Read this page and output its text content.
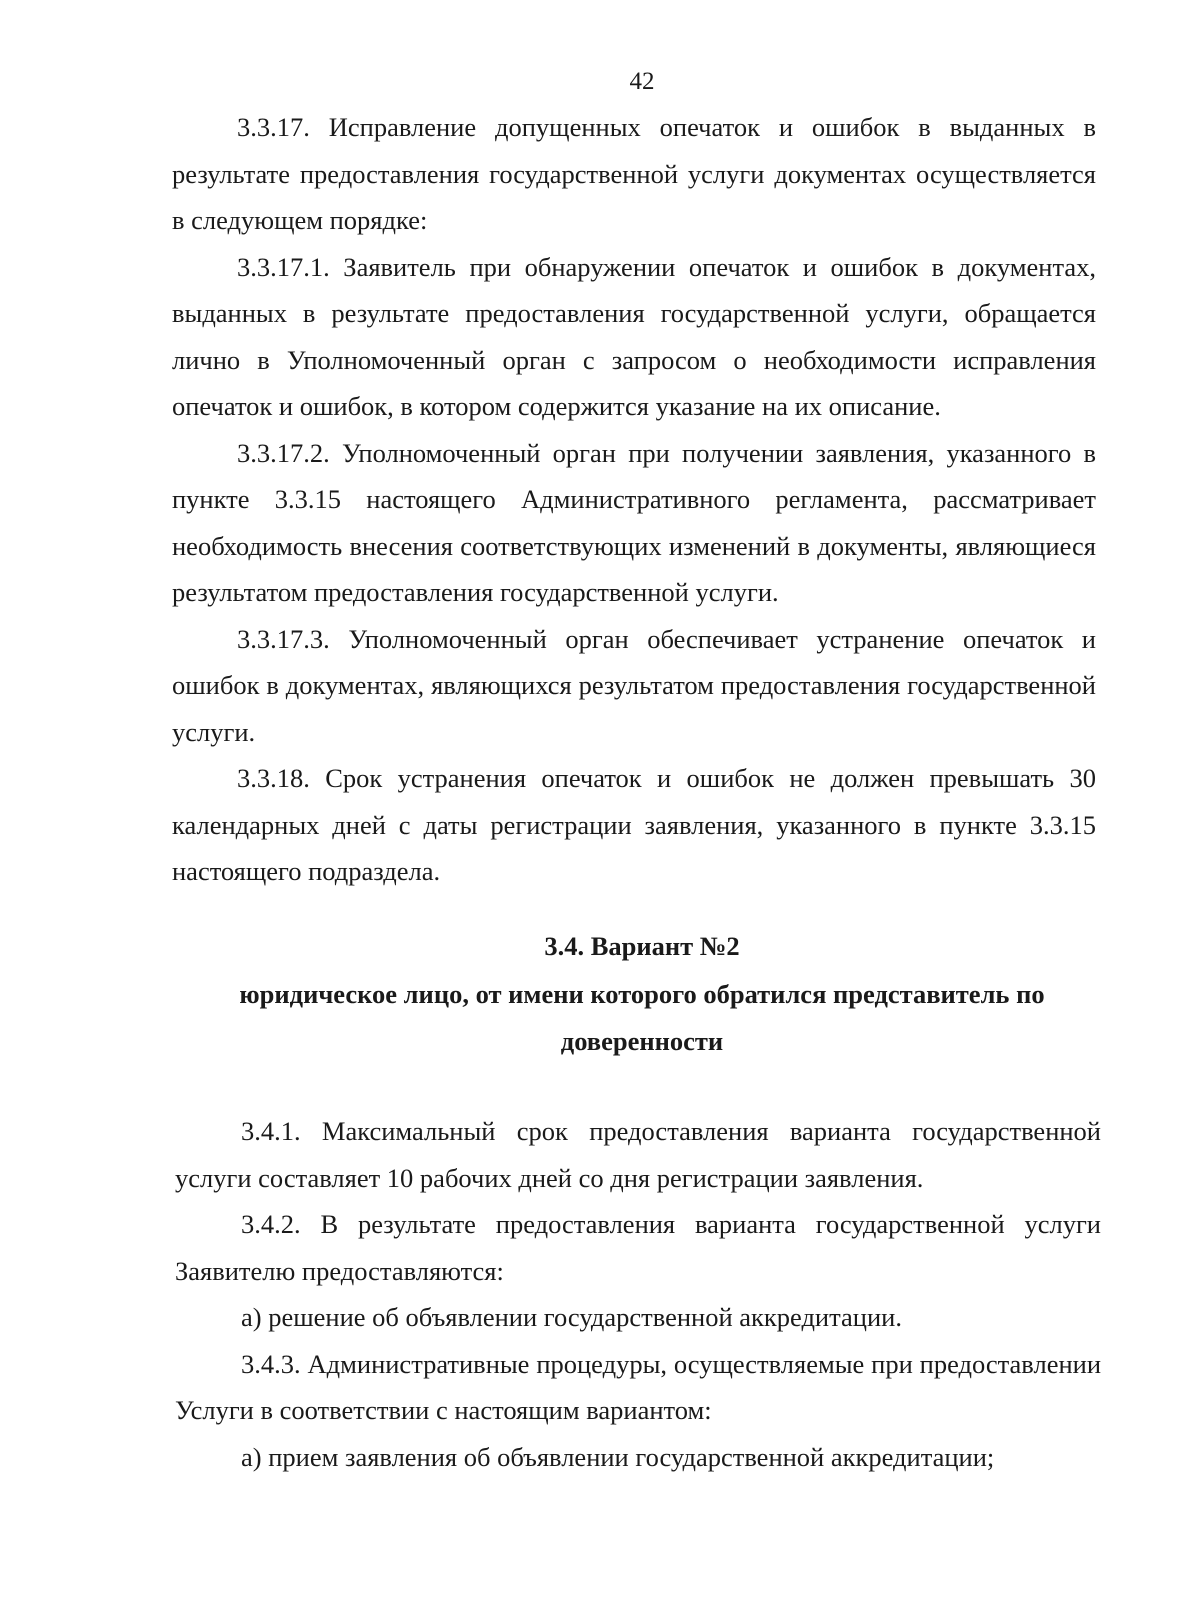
42

3.3.17. Исправление допущенных опечаток и ошибок в выданных в результате предоставления государственной услуги документах осуществляется в следующем порядке:

3.3.17.1. Заявитель при обнаружении опечаток и ошибок в документах, выданных в результате предоставления государственной услуги, обращается лично в Уполномоченный орган с запросом о необходимости исправления опечаток и ошибок, в котором содержится указание на их описание.

3.3.17.2. Уполномоченный орган при получении заявления, указанного в пункте 3.3.15 настоящего Административного регламента, рассматривает необходимость внесения соответствующих изменений в документы, являющиеся результатом предоставления государственной услуги.

3.3.17.3. Уполномоченный орган обеспечивает устранение опечаток и ошибок в документах, являющихся результатом предоставления государственной услуги.

3.3.18. Срок устранения опечаток и ошибок не должен превышать 30 календарных дней с даты регистрации заявления, указанного в пункте 3.3.15 настоящего подраздела.

3.4. Вариант №2
юридическое лицо, от имени которого обратился представитель по
доверенности

3.4.1. Максимальный срок предоставления варианта государственной услуги составляет 10 рабочих дней со дня регистрации заявления.

3.4.2. В результате предоставления варианта государственной услуги Заявителю предоставляются:

а) решение об объявлении государственной аккредитации.

3.4.3. Административные процедуры, осуществляемые при предоставлении Услуги в соответствии с настоящим вариантом:

а) прием заявления об объявлении государственной аккредитации;
